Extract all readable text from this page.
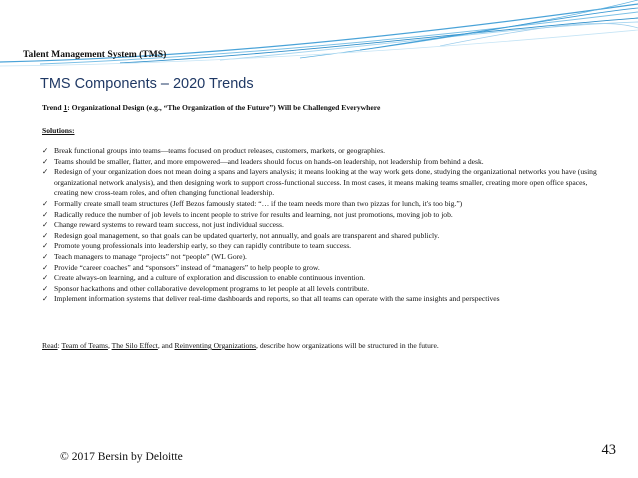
Talent Management System (TMS)
TMS Components – 2020 Trends
Trend 1: Organizational Design (e.g., “The Organization of the Future”) Will be Challenged Everywhere
Solutions:
✓ Break functional groups into teams—teams focused on product releases, customers, markets, or geographies.
✓ Teams should be smaller, flatter, and more empowered—and leaders should focus on hands-on leadership, not leadership from behind a desk.
✓ Redesign of your organization does not mean doing a spans and layers analysis; it means looking at the way work gets done, studying the organizational networks you have (using organizational network analysis), and then designing work to support cross-functional success. In most cases, it means making teams smaller, creating more open office spaces, creating new cross-team roles, and often changing functional leadership.
✓ Formally create small team structures (Jeff Bezos famously stated: “… if the team needs more than two pizzas for lunch, it's too big.”)
✓ Radically reduce the number of job levels to incent people to strive for results and learning, not just promotions, moving job to job.
✓ Change reward systems to reward team success, not just individual success.
✓ Redesign goal management, so that goals can be updated quarterly, not annually, and goals are transparent and shared publicly.
✓ Promote young professionals into leadership early, so they can rapidly contribute to team success.
✓ Teach managers to manage “projects” not “people” (WL Gore).
✓ Provide “career coaches” and “sponsors” instead of “managers” to help people to grow.
✓ Create always-on learning, and a culture of exploration and discussion to enable continuous invention.
✓ Sponsor hackathons and other collaborative development programs to let people at all levels contribute.
✓ Implement information systems that deliver real-time dashboards and reports, so that all teams can operate with the same insights and perspectives
Read: Team of Teams, The Silo Effect, and Reinventing Organizations, describe how organizations will be structured in the future.
© 2017 Bersin by Deloitte	43
